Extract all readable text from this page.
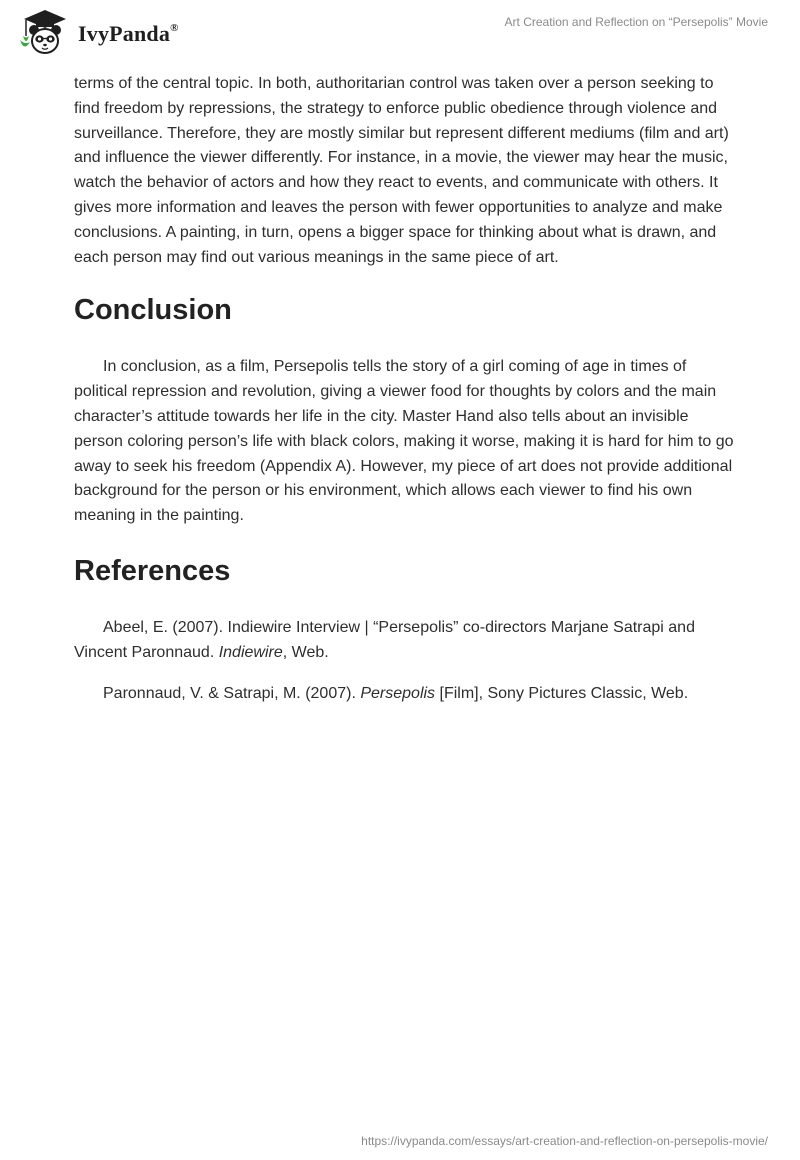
IvyPanda®	Art Creation and Reflection on “Persepolis” Movie

terms of the central topic. In both, authoritarian control was taken over a person seeking to find freedom by repressions, the strategy to enforce public obedience through violence and surveillance. Therefore, they are mostly similar but represent different mediums (film and art) and influence the viewer differently. For instance, in a movie, the viewer may hear the music, watch the behavior of actors and how they react to events, and communicate with others. It gives more information and leaves the person with fewer opportunities to analyze and make conclusions. A painting, in turn, opens a bigger space for thinking about what is drawn, and each person may find out various meanings in the same piece of art.

Conclusion

In conclusion, as a film, Persepolis tells the story of a girl coming of age in times of political repression and revolution, giving a viewer food for thoughts by colors and the main character’s attitude towards her life in the city. Master Hand also tells about an invisible person coloring person’s life with black colors, making it worse, making it is hard for him to go away to seek his freedom (Appendix A). However, my piece of art does not provide additional background for the person or his environment, which allows each viewer to find his own meaning in the painting.

References

Abeel, E. (2007). Indiewire Interview | “Persepolis” co-directors Marjane Satrapi and Vincent Paronnaud. Indiewire, Web.

Paronnaud, V. & Satrapi, M. (2007). Persepolis [Film], Sony Pictures Classic, Web.

https://ivypanda.com/essays/art-creation-and-reflection-on-persepolis-movie/
